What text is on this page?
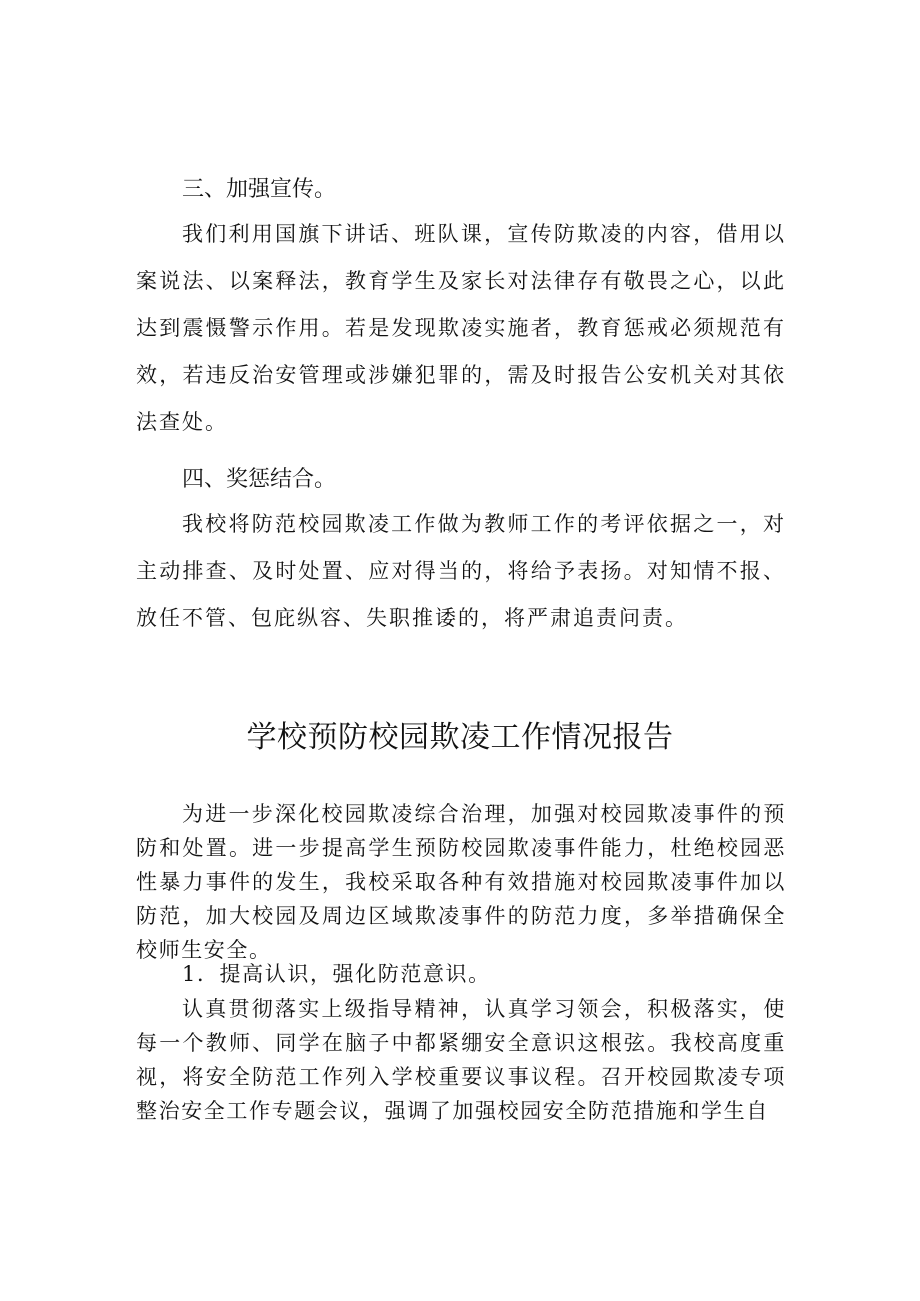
三、加强宣传。

我们利用国旗下讲话、班队课，宣传防欺凌的内容，借用以案说法、以案释法，教育学生及家长对法律存有敬畏之心，以此达到震慑警示作用。若是发现欺凌实施者，教育惩戒必须规范有效，若违反治安管理或涉嫌犯罪的，需及时报告公安机关对其依法查处。

四、奖惩结合。

我校将防范校园欺凌工作做为教师工作的考评依据之一，对主动排查、及时处置、应对得当的，将给予表扬。对知情不报、放任不管、包庇纵容、失职推诿的，将严肃追责问责。

学校预防校园欺凌工作情况报告

为进一步深化校园欺凌综合治理，加强对校园欺凌事件的预防和处置。进一步提高学生预防校园欺凌事件能力，杜绝校园恶性暴力事件的发生，我校采取各种有效措施对校园欺凌事件加以防范，加大校园及周边区域欺凌事件的防范力度，多举措确保全校师生安全。

1．提高认识，强化防范意识。

认真贯彻落实上级指导精神，认真学习领会，积极落实，使每一个教师、同学在脑子中都紧绷安全意识这根弦。我校高度重视，将安全防范工作列入学校重要议事议程。召开校园欺凌专项整治安全工作专题会议，强调了加强校园安全防范措施和学生自
